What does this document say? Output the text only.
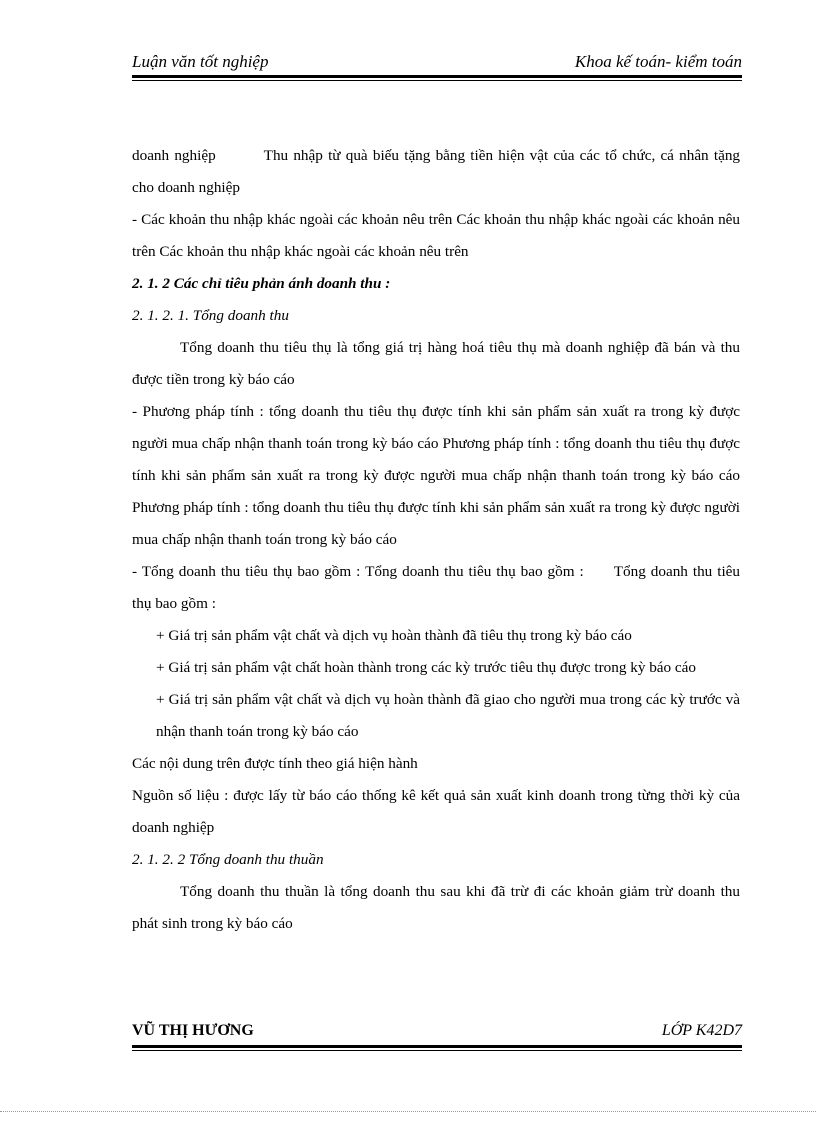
Luận văn tốt nghiệp	Khoa kế toán- kiểm toán

doanh nghiệp	Thu nhập từ quà biếu tặng bằng tiền hiện vật của các tổ chức, cá nhân tặng cho doanh nghiệp

- Các khoản thu nhập khác ngoài các khoản nêu trên Các khoản thu nhập khác ngoài các khoản nêu trên Các khoản thu nhập khác ngoài các khoản nêu trên

2. 1. 2 Các chỉ tiêu phản ánh doanh thu :

2. 1. 2. 1. Tổng doanh thu

Tổng doanh thu tiêu thụ là tổng giá trị hàng hoá tiêu thụ mà doanh nghiệp đã bán và thu được tiền trong kỳ báo cáo

- Phương pháp tính : tổng doanh thu tiêu thụ được tính khi sản phẩm sản xuất ra trong kỳ được người mua chấp nhận thanh toán trong kỳ báo cáo Phương pháp tính : tổng doanh thu tiêu thụ được tính khi sản phẩm sản xuất ra trong kỳ được người mua chấp nhận thanh toán trong kỳ báo cáo Phương pháp tính : tổng doanh thu tiêu thụ được tính khi sản phẩm sản xuất ra trong kỳ được người mua chấp nhận thanh toán trong kỳ báo cáo

- Tổng doanh thu tiêu thụ bao gồm : Tổng doanh thu tiêu thụ bao gồm : Tổng doanh thu tiêu thụ bao gồm :

+ Giá trị sản phẩm vật chất và dịch vụ hoàn thành đã tiêu thụ trong kỳ báo cáo

+ Giá trị sản phẩm vật chất hoàn thành trong các kỳ trước tiêu thụ được trong kỳ báo cáo

+ Giá trị sản phẩm vật chất và dịch vụ hoàn thành đã giao cho người mua trong các kỳ trước và nhận thanh toán trong kỳ báo cáo

Các nội dung trên được tính theo giá hiện hành

Nguồn số liệu : được lấy từ báo cáo thống kê kết quả sản xuất kinh doanh trong từng thời kỳ của doanh nghiệp

2. 1. 2. 2 Tổng doanh thu thuần

Tổng doanh thu thuần là tổng doanh thu sau khi đã trừ đi các khoản giảm trừ doanh thu phát sinh trong kỳ báo cáo

VŨ THỊ HƯƠNG	LỚP K42D7
